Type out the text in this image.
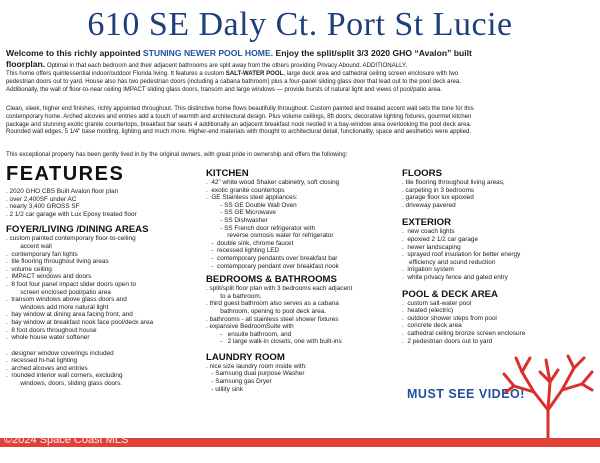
610 SE Daly Ct. Port St Lucie
Welcome to this richly appointed STUNING NEWER POOL HOME. Enjoy the split/split 3/3 2020 GHO “Avalon” built
floorplan. Optimal in that each bedroom and their adjacent bathrooms are split away from the others providing Privacy Abound. ADDITIONALLY,
This home offers quintessential indoor/outdoor Florida living. It features a custom SALT-WATER POOL, large deck area and cathedral ceiling screen enclosure with two
pedestrian doors out to yard. House also has two pedestrian doors (including a cabana bathroom) plus a four-panel sliding glass door that lead out to the pool deck area.
Additionally, the wall of floor-to-near ceiling IMPACT sliding glass doors, transom and large windows — provide bursts of natural light and views of pool/patio area.
Clean, sleek, higher end finishes, richly appointed throughout. This distinctive home flows beautifully throughout. Custom painted and treated accent wall sets the tone for this
contemporary home. Arched alcoves and entries add a touch of warmth and architectural design. Plus volume ceilings, 8ft doors, decorative lighting fixtures, gourmet kitchen
package and stunning exotic granite countertops, breakfast bar seats 4 additionally an adjacent breakfast nook nestled in a bay-window area overlooking the pool deck area.
Rounded wall edges, 5 1/4" base molding, lighting and much more. Higher-end materials with thought to architectural detail, functionality, space and aesthetics were applied.
This exceptional property has been gently lived in by the original owners, with great pride in ownership and offers the following:
FEATURES
. 2020 GHO CBS Built Avalon floor plan
. over 2,400SF under AC
. nearly 3,400 GROSS SF
. 2 1/2 car garage with Lux Epoxy treated floor
FOYER/LIVING /DINING AREAS
. custom painted contemporary floor-to-ceiling
accent wall
.  contemporary fan lights
.  tile flooring throughout living areas
.  volume ceiling
.  IMPACT windows and doors
.  8 foot four panel impact slider doors open to
screen enclosed pool/patio area
.  transom windows above glass doors and
windows add more natural light
.  bay window at dining area facing front, and
.  bay window at breakfast nook face pool/deck area
.  8 foot doors throughout house
.  whole house water softener
.  designer window coverings included
.  recessed hi-hat lighting
.  arched alcoves and entries
.  rounded interior wall corners, excluding
windows, doors, sliding glass doors.
KITCHEN
.  42" white wood Shaker cabinetry, soft closing
.  exotic granite countertops
.  GE Stainless steel appliances:
- SS GE Double Wall Oven
- SS GE Microwave
- SS Dishwasher
- SS French door refrigerator with
reverse osmosis water for refrigerator
-  double sink, chrome faucet
-  recessed lighting LED
-  contemporary pendants over breakfast bar
-  contemporary pendant over breakfast nook
BEDROOMS & BATHROOMS
. split/split floor plan with 3 bedrooms each adjacent
to a bathroom.
. third guest bathroom also serves as a cabana
bathroom, opening to pool deck area.
. bathrooms - all stainless steel shower fixtures
. expansive BedroomSuite with
-   ensuite bathroom, and
-   2 large walk-in closets, one with built-ins
LAUNDRY ROOM
. nice size laundry room inside with:
- Samsung dual purpose Washer
- Samsung gas Dryer
- utility sink
FLOORS
. tile flooring throughout living areas,
. carpeting in 3 bedrooms
. garage floor lux epoxied
. driveway pavered
EXTERIOR
.  new coach lights
.  epoxied 2 1/2 car garage
.  newer landscaping
.  sprayed roof insulation for better energy
efficiency and sound reduction
.  irrigation system
.  white privacy fence and gated entry
POOL & DECK AREA
.  custom salt-water pool
.  heated (electric)
.  outdoor shower steps from pool
.  concrete deck area
.  cathedral ceiling bronze screen enclosure
.  2 pedestrian doors out to yard
MUST SEE VIDEO!
©2024 Space Coast MLS
